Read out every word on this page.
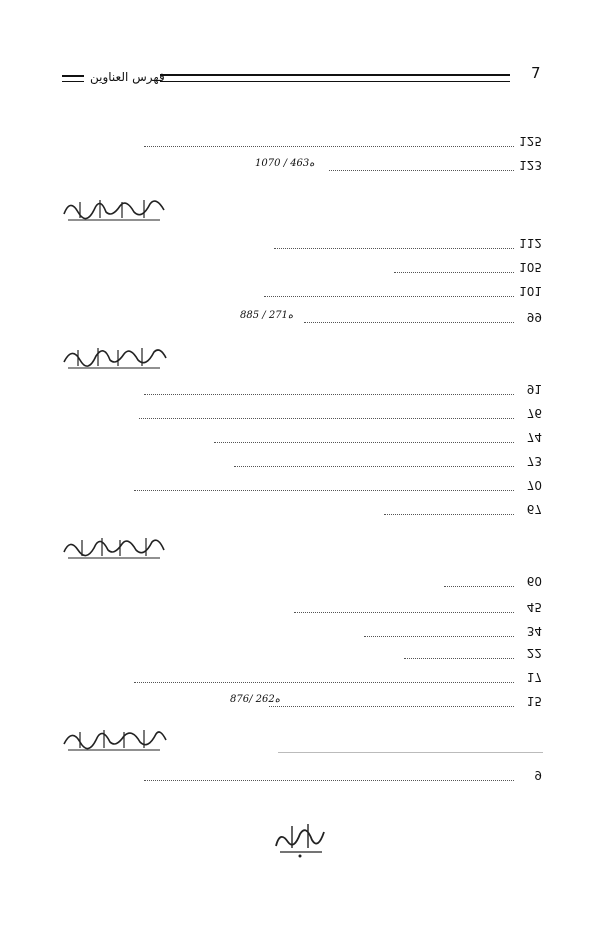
7
ﻓﻬﺮﺱ ﺍﻟﻌﻨﺎﻭﻳﻦ
125
123
1070 / ه463
112
105
101
99
885 / ه271
91
76
74
73
70
67
60
45
34
22
17
15
876/ ه262
9
